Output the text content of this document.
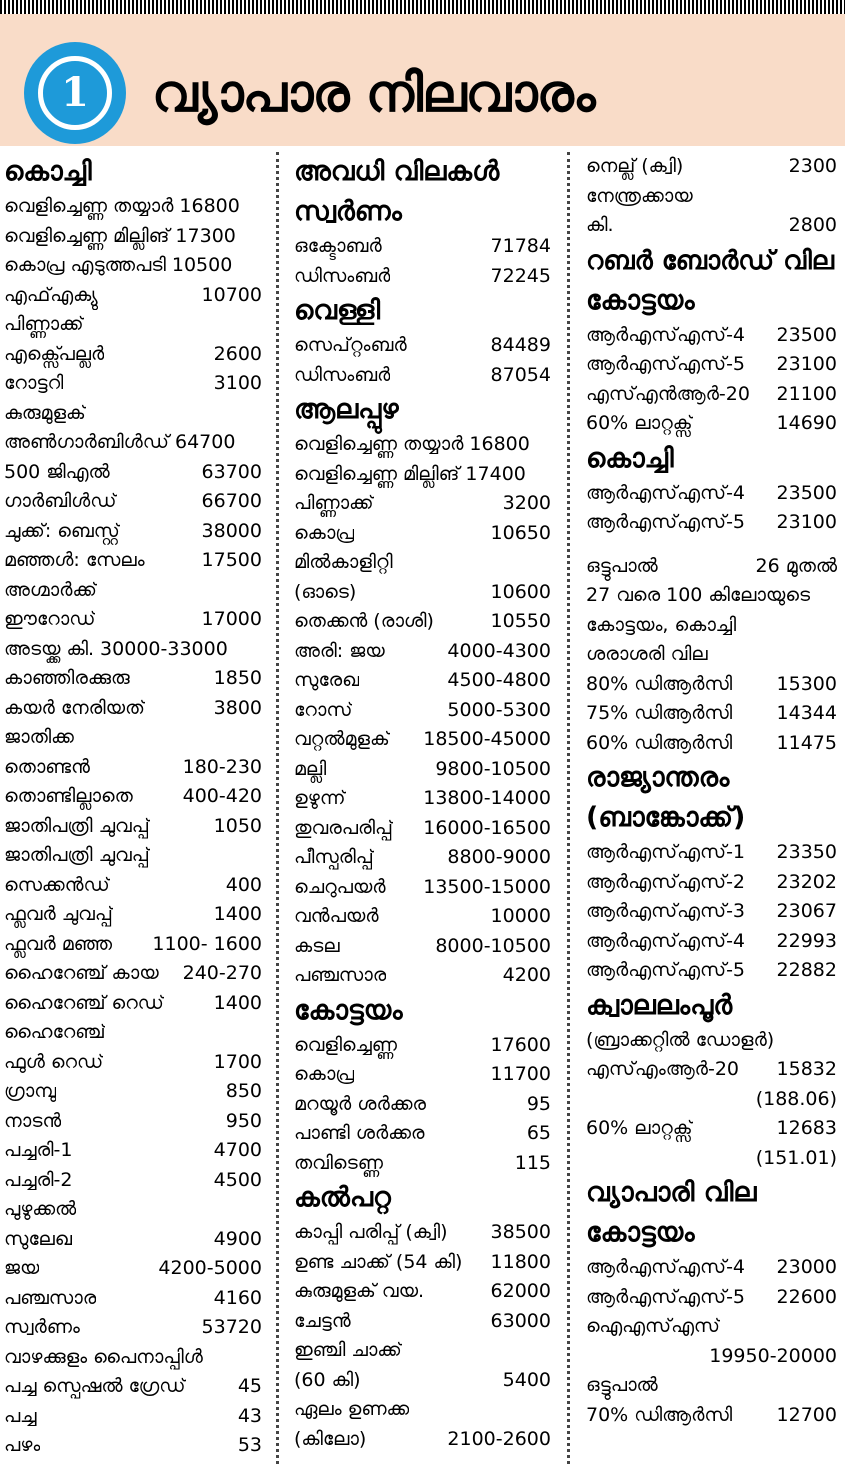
1	വ്യാപാര നിലവാരം
കൊച്ചി
വെളിച്ചെണ്ണ തയ്യാർ 16800
വെളിച്ചെണ്ണ മില്ലിങ് 17300
കൊപ്ര എടുത്തപടി 10500
എഫ്എക്യു	10700
പിണ്ണാക്ക്
എക്സ്പെല്ലർ	2600
റോട്ടറി	3100
കുരുമുളക്
അൺഗാർബിൾഡ് 64700
500 ജിഎൽ	63700
ഗാർബിൾഡ്	66700
ചുക്ക്: ബെസ്റ്റ്	38000
മഞ്ഞൾ: സേലം	17500
അഗ്മാർക്ക്
ഈറോഡ്	17000
അടയ്ക്ക കി. 30000-33000
കാഞ്ഞിരക്കുരു	1850
കയർ നേരിയത്	3800
ജാതിക്ക
തൊണ്ടൻ	180-230
തൊണ്ടില്ലാതെ	400-420
ജാതിപത്രി ചുവപ്പ്	1050
ജാതിപത്രി ചുവപ്പ്
സെക്കൻഡ്	400
ഫ്ലവർ ചുവപ്പ്	1400
ഫ്ലവർ മഞ്ഞ 1100- 1600
ഹൈറേഞ്ച് കായ 240-270
ഹൈറേഞ്ച് റെഡ്	1400
ഹൈറേഞ്ച്
ഫുൾ റെഡ്	1700
ഗ്രാമ്പു	850
നാടൻ	950
പച്ചരി-1	4700
പച്ചരി-2	4500
പുഴുക്കൽ
സുലേഖ	4900
ജയ	4200-5000
പഞ്ചസാര	4160
സ്വർണം	53720
വാഴക്കുളം പൈനാപ്പിൾ
പച്ച സ്പെഷൽ ഗ്രേഡ്	45
പച്ച	43
പഴം	53
അവധി വിലകൾ
സ്വർണം
ഒക്ടോബർ	71784
ഡിസംബർ	72245
വെള്ളി
സെപ്റ്റംബർ	84489
ഡിസംബർ	87054
ആലപ്പുഴ
വെളിച്ചെണ്ണ തയ്യാർ 16800
വെളിച്ചെണ്ണ മില്ലിങ് 17400
പിണ്ണാക്ക്	3200
കൊപ്ര	10650
മിൽകാളിറ്റി
(ഓടെ)	10600
തെക്കൻ (രാശി)	10550
അരി: ജയ	4000-4300
സുരേഖ	4500-4800
റോസ്	5000-5300
വറ്റൽമുളക് 18500-45000
മല്ലി	9800-10500
ഉഴുന്ന്	13800-14000
തുവരപരിപ്പ് 16000-16500
പീസ്പരിപ്പ്	8800-9000
ചെറുപയർ 13500-15000
വൻപയർ	10000
കടല	8000-10500
പഞ്ചസാര	4200
കോട്ടയം
വെളിച്ചെണ്ണ	17600
കൊപ്ര	11700
മറയൂർ ശർക്കര	95
പാണ്ടി ശർക്കര	65
തവിടെണ്ണ	115
കൽപറ്റ
കാപ്പി പരിപ്പ് (ക്വി) 38500
ഉണ്ട ചാക്ക് (54 കി) 11800
കുരുമുളക് വയ.	62000
ചേട്ടൻ	63000
ഇഞ്ചി ചാക്ക്
(60 കി)	5400
ഏലം ഉണക്ക
(കിലോ)	2100-2600
നെല്ല് (ക്വി)	2300
നേന്ത്രക്കായ
കി.	2800
റബർ ബോർഡ് വില
കോട്ടയം
ആർഎസ്എസ്-4 23500
ആർഎസ്എസ്-5 23100
എസ്എൻആർ-20 21100
60% ലാറ്റക്സ്	14690
കൊച്ചി
ആർഎസ്എസ്-4 23500
ആർഎസ്എസ്-5 23100
ഒട്ടുപാൽ	26 മുതൽ
27 വരെ 100 കിലോയുടെ
കോട്ടയം, കൊച്ചി
ശരാശരി വില
80% ഡിആർസി 15300
75% ഡിആർസി 14344
60% ഡിആർസി 11475
രാജ്യാന്തരം
(ബാങ്കോക്ക്)
ആർഎസ്എസ്-1 23350
ആർഎസ്എസ്-2 23202
ആർഎസ്എസ്-3 23067
ആർഎസ്എസ്-4 22993
ആർഎസ്എസ്-5 22882
ക്വാലലംപൂർ
(ബ്രാക്കറ്റിൽ ഡോളർ)
എസ്എംആർ-20 15832
(188.06)
60% ലാറ്റക്സ്	12683
(151.01)
വ്യാപാരി വില
കോട്ടയം
ആർഎസ്എസ്-4 23000
ആർഎസ്എസ്-5 22600
ഐഎസ്എസ്
19950-20000
ഒട്ടുപാൽ
70% ഡിആർസി 12700
